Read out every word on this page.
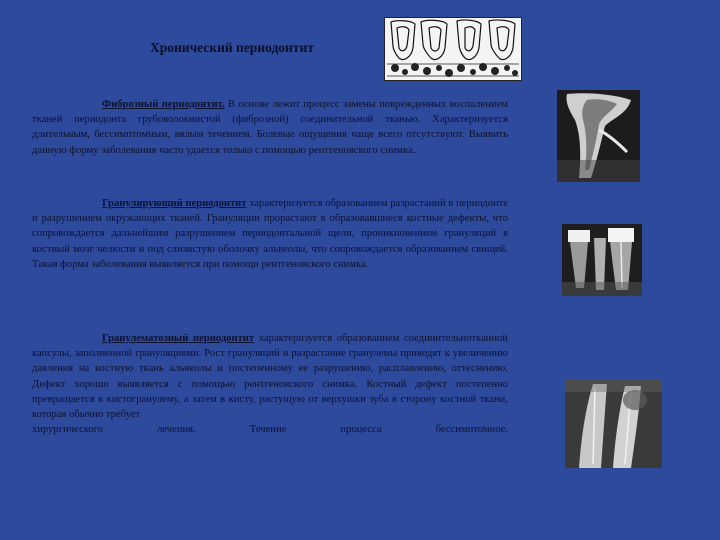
Хронический периодонтит
Фиброзный периодонтит. В основе лежит процесс замены поврежденных воспалением тканей периодонта грубоволокнистой (фиброзной) соединительной тканью. Характеризуется длительным, бессимптомным, вялым течением. Болевые ощущения чаще всего отсутствуют. Выявить данную форму заболевания часто удается только с помощью рентгеновского снимка.
Гранулирующий периодонтит характеризуется образованием разрастаний в периодонте и разрушением окружающих тканей. Грануляции прорастают в образовавшиеся костные дефекты, что сопровождается дальнейшим разрушением периодонтальной щели, проникновением грануляций в костный мозг челюсти и под слизистую оболочку альвеолы, что сопровождается образованием свищей. Такая форма заболевания выявляется при помощи рентгеновского снимка.
Гранулематозный периодонтит характеризуется образованием соединительнотканной капсулы, заполненной грануляциями. Рост грануляций и разрастание гранулемы приводят к увеличению давления на костную ткань альвеолы и постепенному ее разрушению, расплавлению, оттеснению. Дефект хорошо выявляется с помощью рентгеновского снимка. Костный дефект постепенно превращается в кистогранулему, а затем в кисту, растущую от верхушки зуба в сторону костной ткани, которая обычно требует
хирургического лечения. Течение процесса бессимптомное.
